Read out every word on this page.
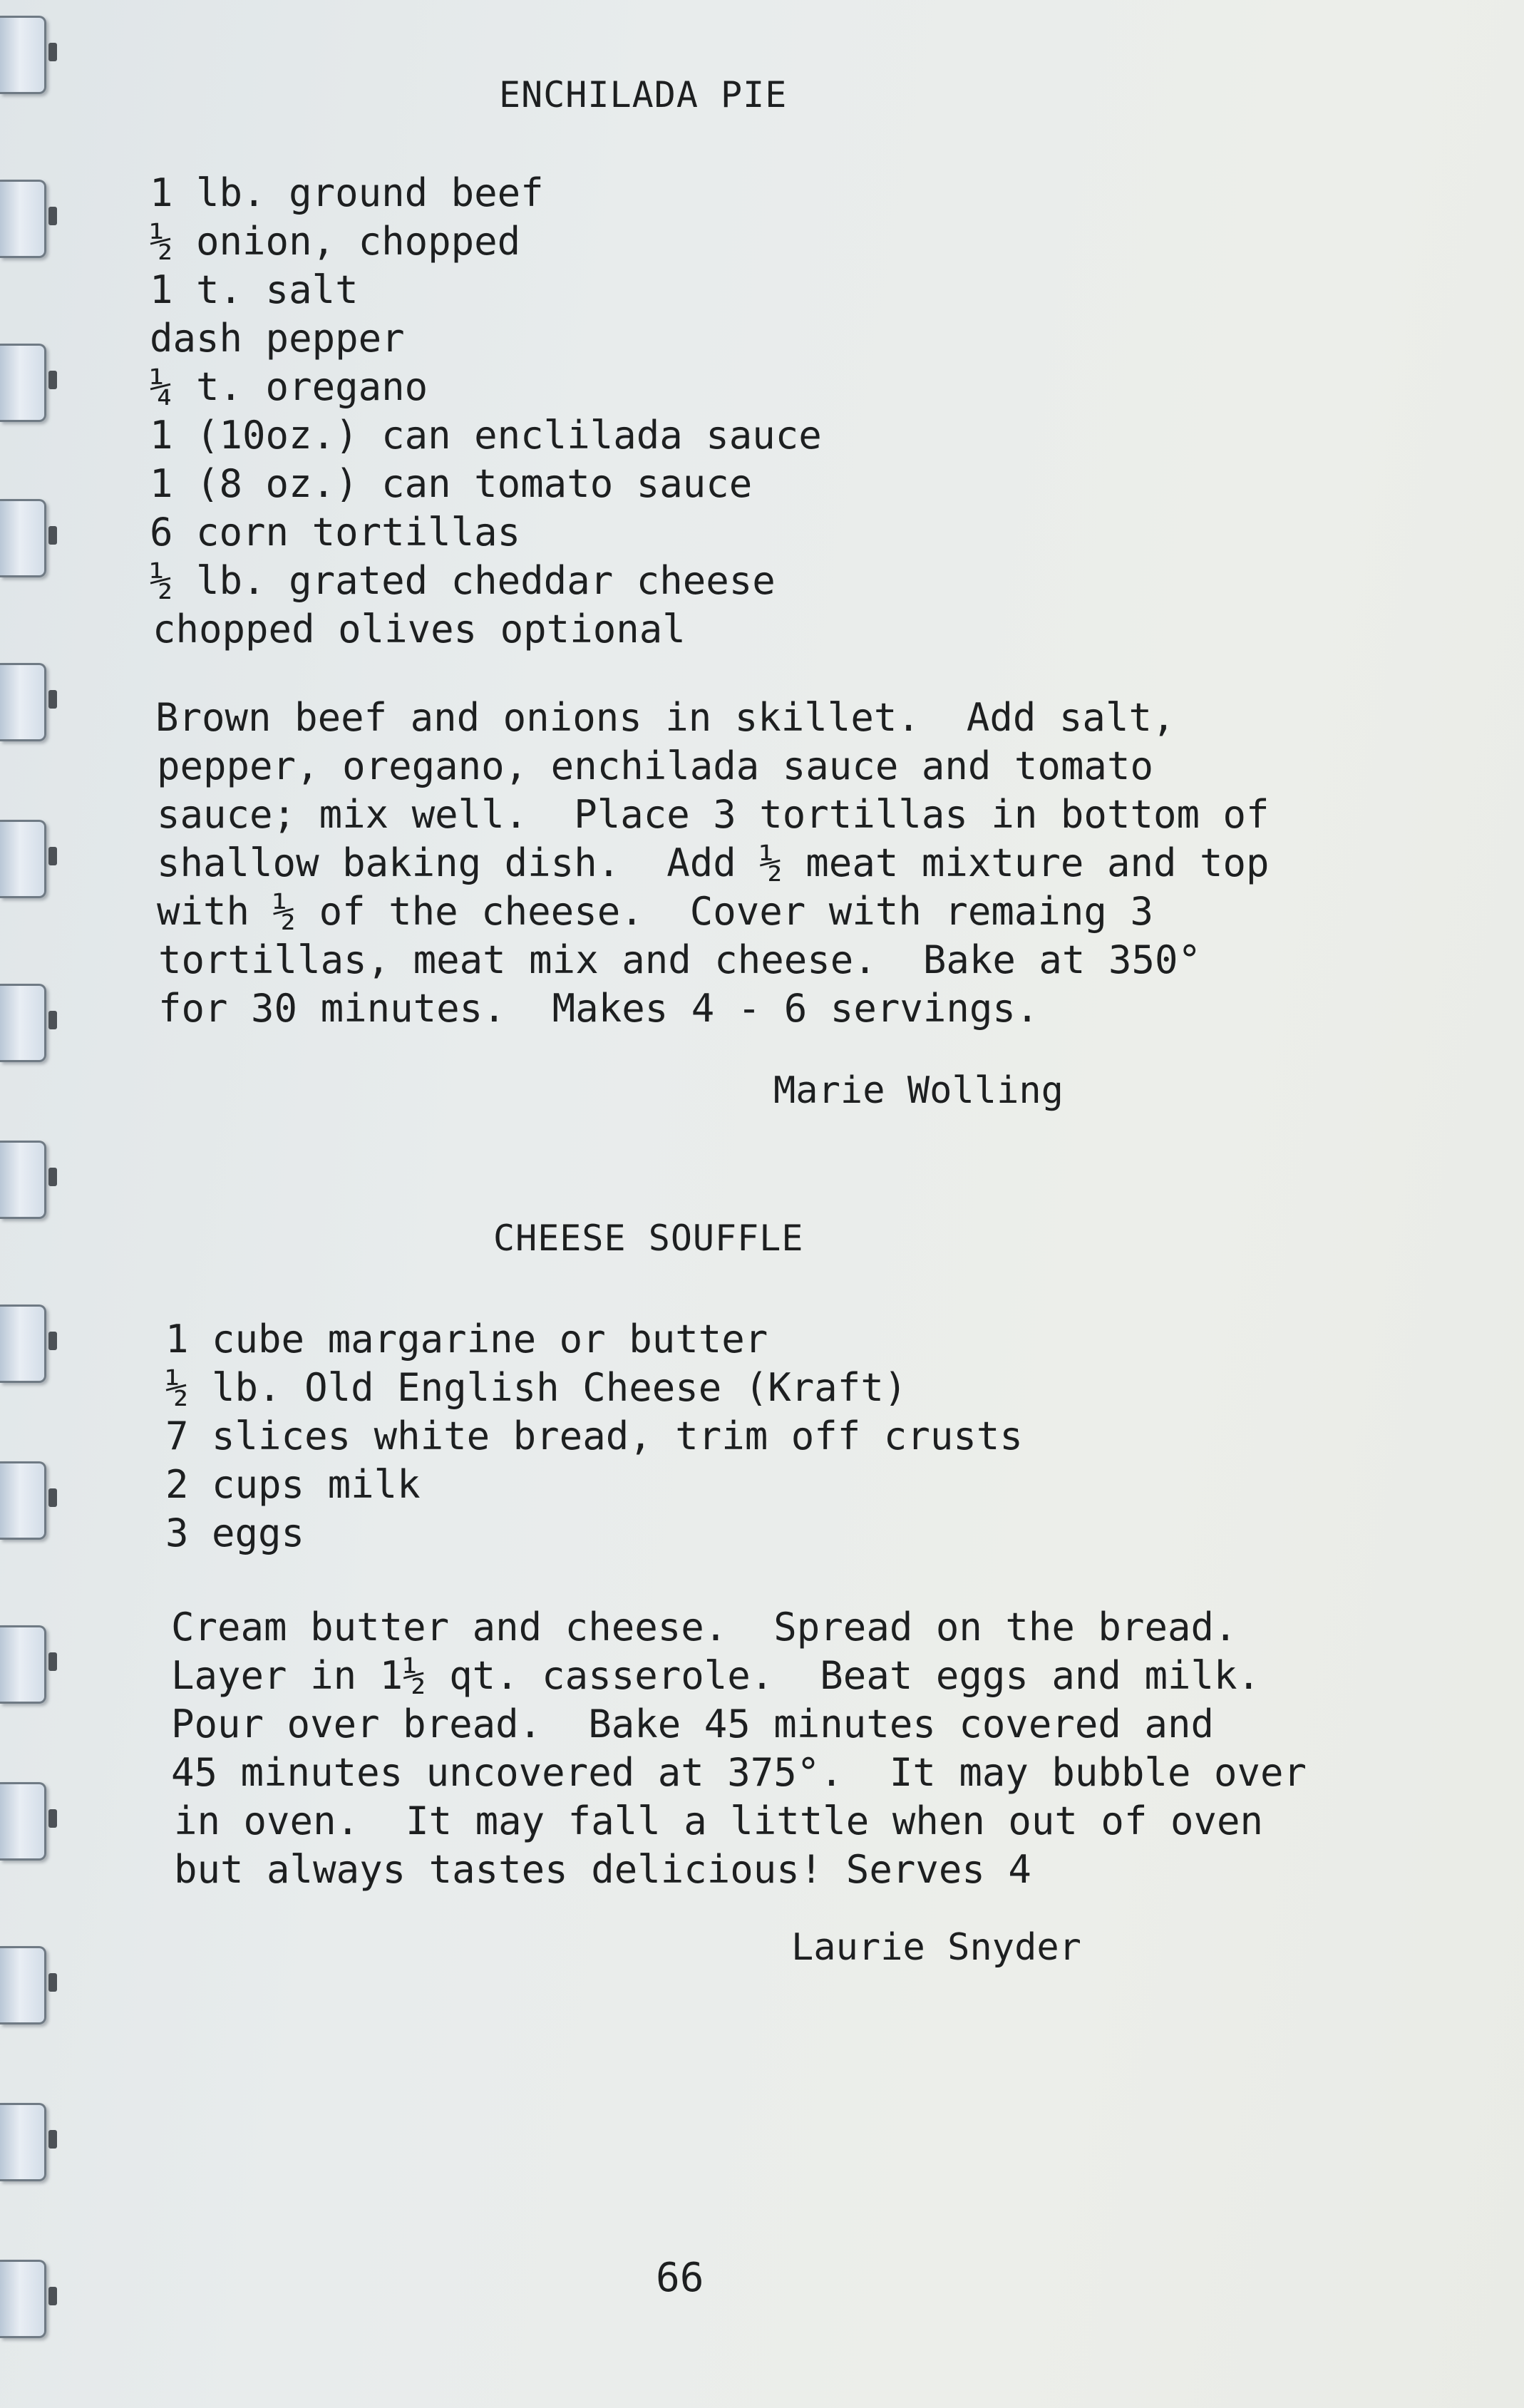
ENCHILADA PIE
1 lb. ground beef
½ onion, chopped
1 t. salt
dash pepper
¼ t. oregano
1 (10oz.) can enclilada sauce
1 (8 oz.) can tomato sauce
6 corn tortillas
½ lb. grated cheddar cheese
chopped olives optional
Brown beef and onions in skillet.  Add salt,
pepper, oregano, enchilada sauce and tomato
sauce; mix well.  Place 3 tortillas in bottom of
shallow baking dish.  Add ½ meat mixture and top
with ½ of the cheese.  Cover with remaing 3
tortillas, meat mix and cheese.  Bake at 350°
for 30 minutes.  Makes 4 - 6 servings.
Marie Wolling
CHEESE SOUFFLE
1 cube margarine or butter
½ lb. Old English Cheese (Kraft)
7 slices white bread, trim off crusts
2 cups milk
3 eggs
Cream butter and cheese.  Spread on the bread.
Layer in 1½ qt. casserole.  Beat eggs and milk.
Pour over bread.  Bake 45 minutes covered and
45 minutes uncovered at 375°.  It may bubble over
in oven.  It may fall a little when out of oven
but always tastes delicious! Serves 4
Laurie Snyder
66
